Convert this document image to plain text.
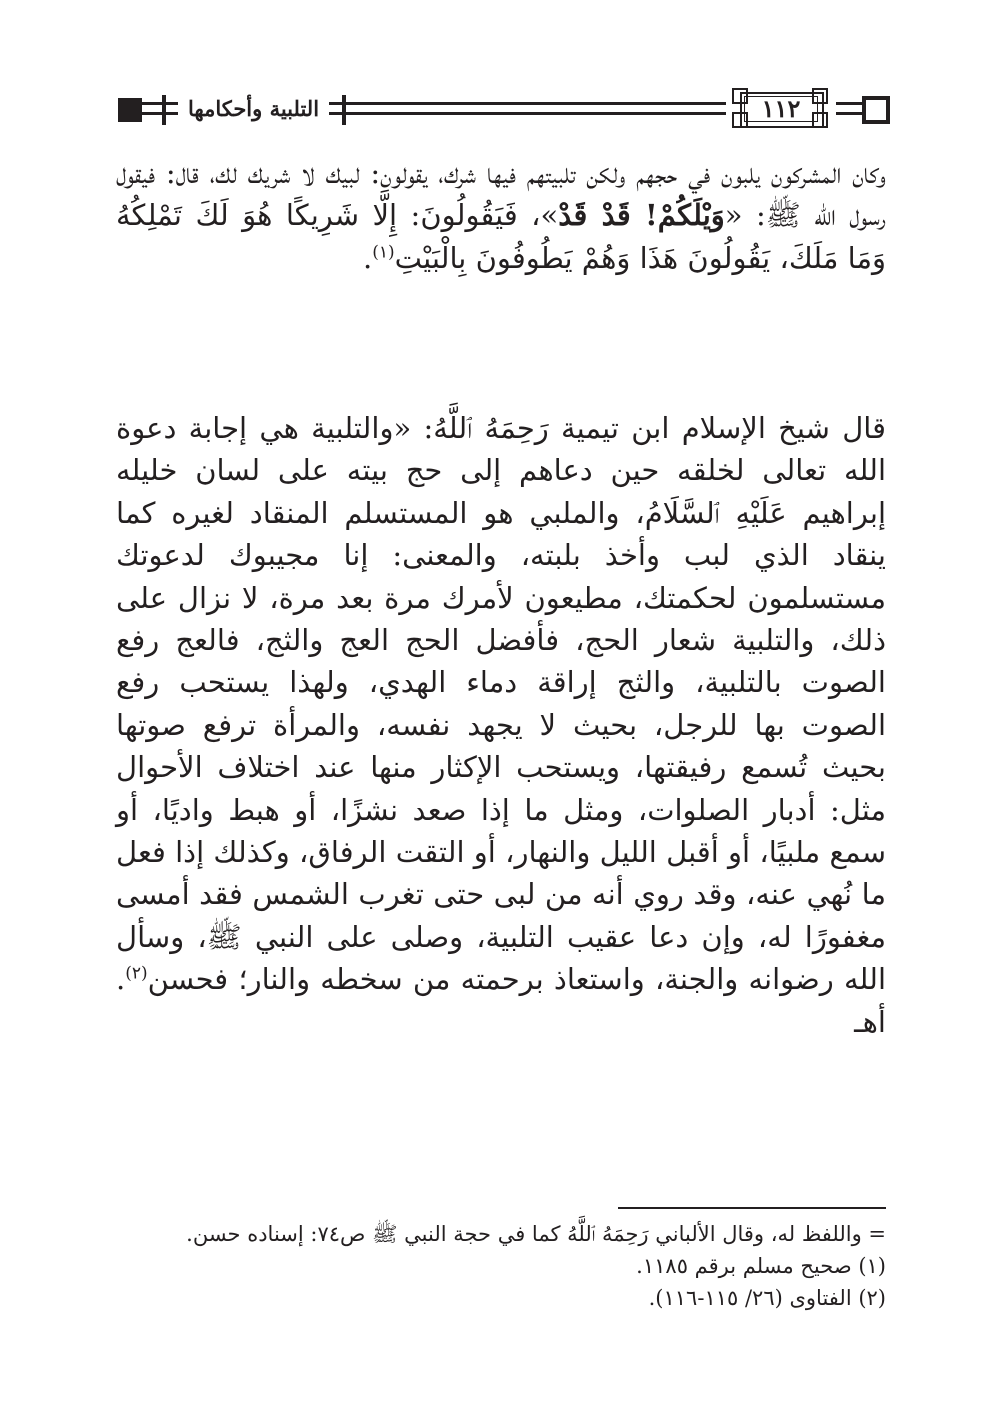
التلبية وأحكامها	١١٢
وكان المشركون يلبون في حجهم ولكن تلبيتهم فيها شرك، يقولون: لبيك لا شريك لك، قال: فيقول رسول الله ﷺ: «وَيْلَكُمْ! قَدْ قَدْ»، فَيَقُولُونَ: إِلَّا شَرِيكًا هُوَ لَكَ تَمْلِكُهُ وَمَا مَلَكَ، يَقُولُونَ هَذَا وَهُمْ يَطُوفُونَ بِالْبَيْتِ$^{(١)}$.
قال شيخ الإسلام ابن تيمية رَحِمَهُ ٱللَّهُ: «والتلبية هي إجابة دعوة الله تعالى لخلقه حين دعاهم إلى حج بيته على لسان خليله إبراهيم عَلَيْهِ ٱلسَّلَامُ، والملبي هو المستسلم المنقاد لغيره كما ينقاد الذي لبب وأخذ بلبته، والمعنى: إنا مجيبوك لدعوتك مستسلمون لحكمتك، مطيعون لأمرك مرة بعد مرة، لا نزال على ذلك، والتلبية شعار الحج، فأفضل الحج العج والثج، فالعج رفع الصوت بالتلبية، والثج إراقة دماء الهدي، ولهذا يستحب رفع الصوت بها للرجل، بحيث لا يجهد نفسه، والمرأة ترفع صوتها بحيث تُسمع رفيقتها، ويستحب الإكثار منها عند اختلاف الأحوال مثل: أدبار الصلوات، ومثل ما إذا صعد نشزًا، أو هبط واديًا، أو سمع ملبيًا، أو أقبل الليل والنهار، أو التقت الرفاق، وكذلك إذا فعل ما نُهي عنه، وقد روي أنه من لبى حتى تغرب الشمس فقد أمسى مغفورًا له، وإن دعا عقيب التلبية، وصلى على النبي ﷺ، وسأل الله رضوانه والجنة، واستعاذ برحمته من سخطه والنار؛ فحسن$^{(٢)}$. أهـ
= واللفظ له، وقال الألباني رَحِمَهُ ٱللَّهُ كما في حجة النبي ﷺ ص٧٤: إسناده حسن.
(١) صحيح مسلم برقم ١١٨٥.
(٢) الفتاوى (٢٦/ ١١٥-١١٦).
